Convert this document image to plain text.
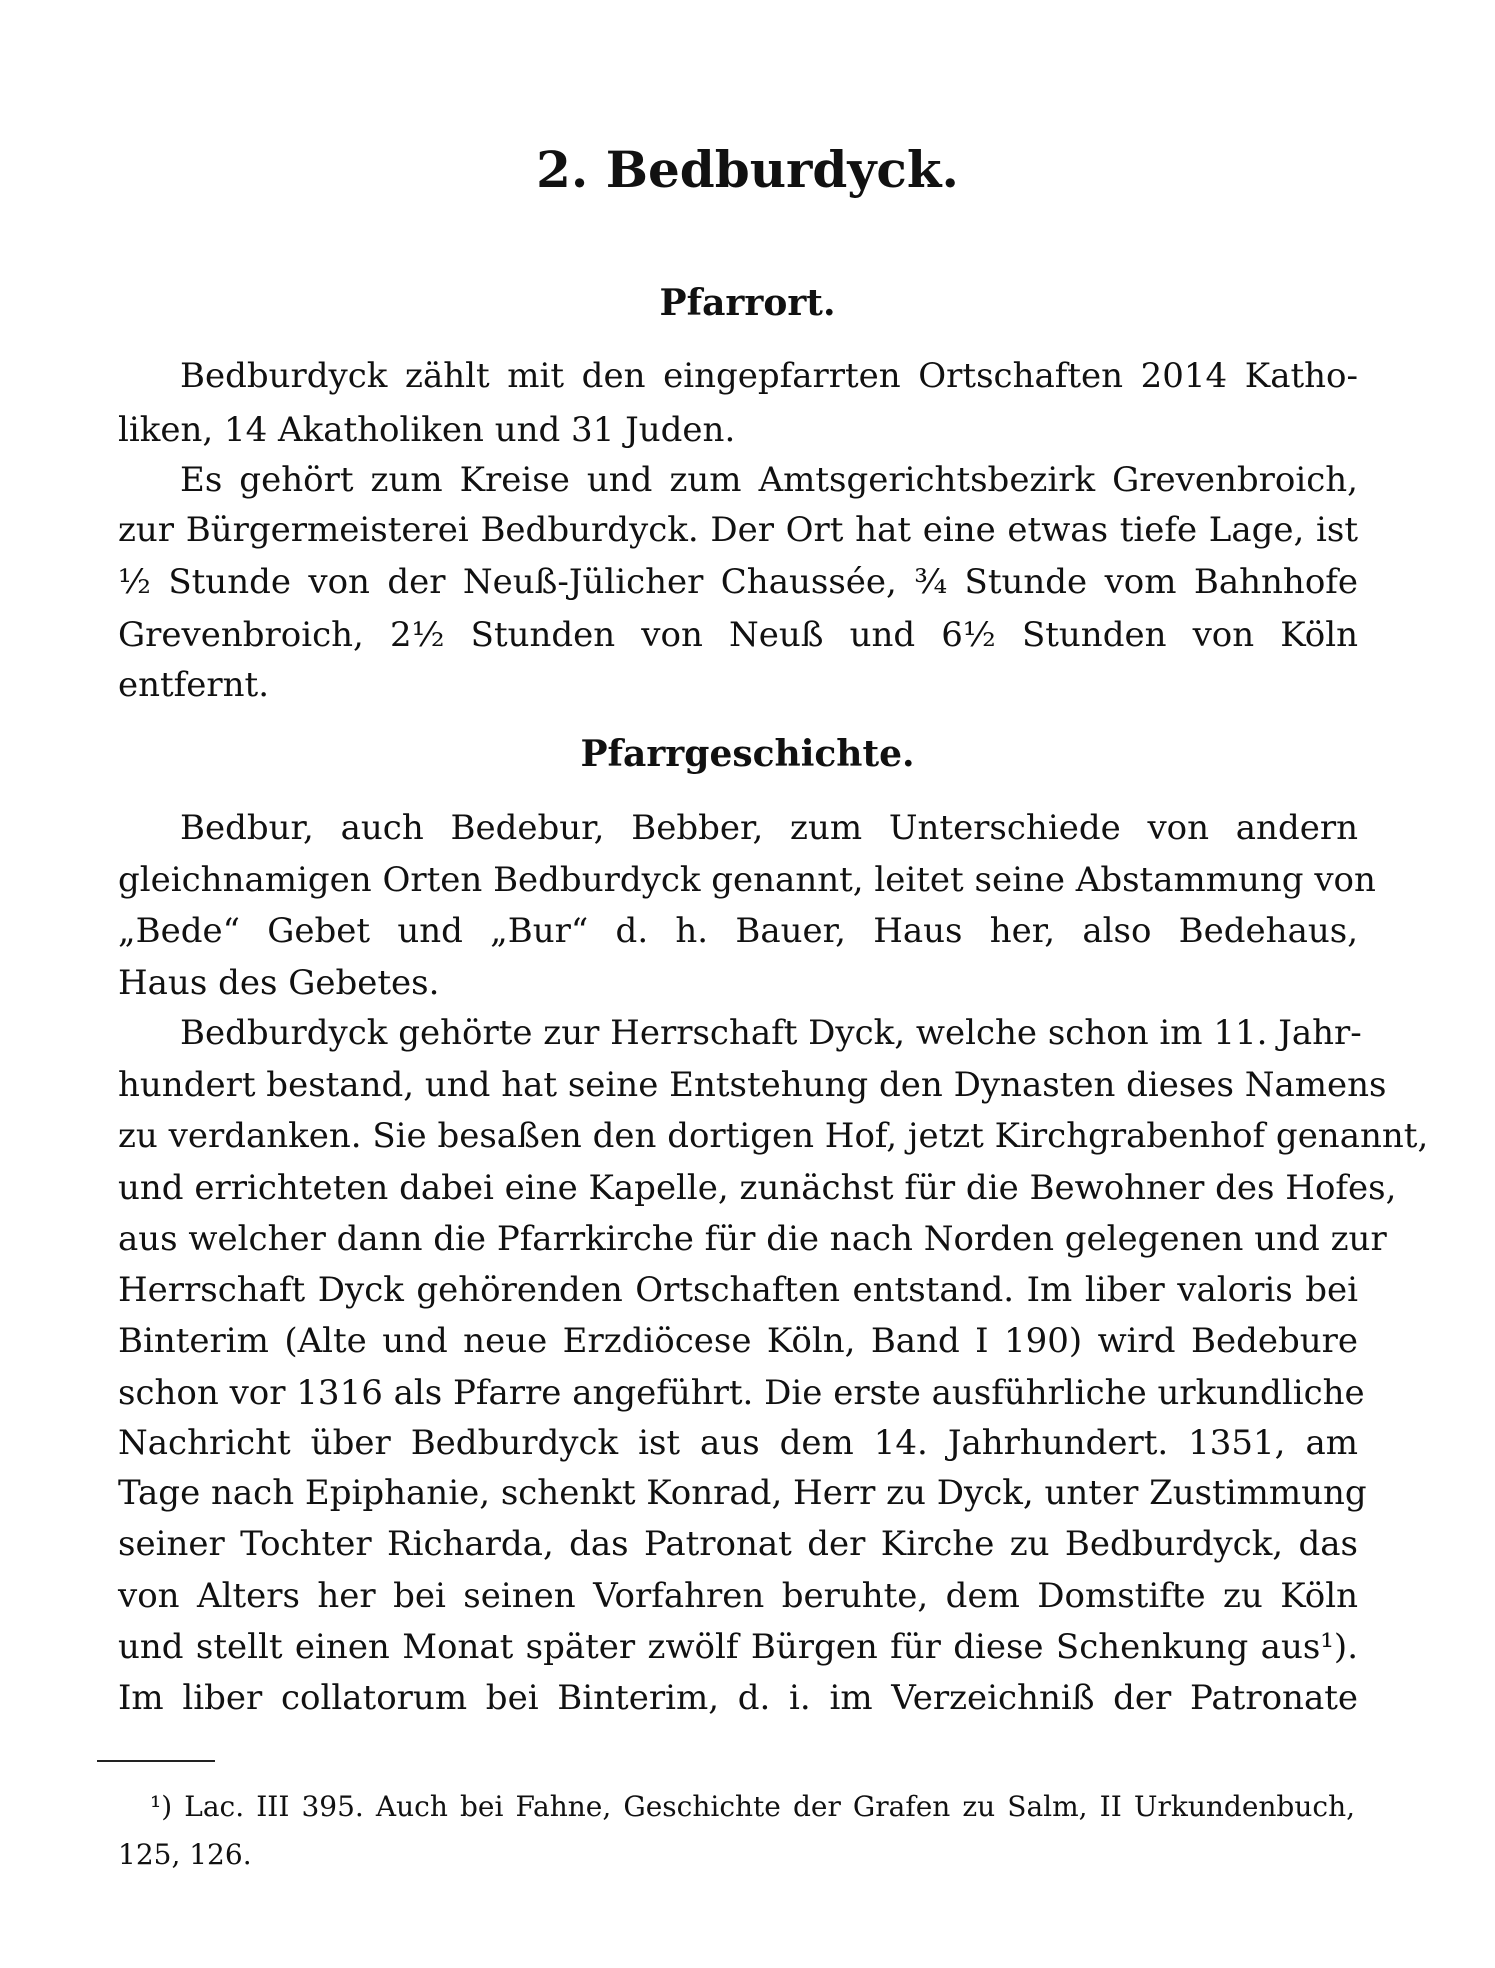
2. Bedburdyck.
Pfarrort.
Bedburdyck zählt mit den eingepfarrten Ortschaften 2014 Katho-
liken, 14 Akatholiken und 31 Juden.
Es gehört zum Kreise und zum Amtsgerichtsbezirk Grevenbroich,
zur Bürgermeisterei Bedburdyck. Der Ort hat eine etwas tiefe Lage, ist
½ Stunde von der Neuß-Jülicher Chaussée, ¾ Stunde vom Bahnhofe
Grevenbroich, 2½ Stunden von Neuß und 6½ Stunden von Köln
entfernt.
Pfarrgeschichte.
Bedbur, auch Bedebur, Bebber, zum Unterschiede von andern
gleichnamigen Orten Bedburdyck genannt, leitet seine Abstammung von
„Bede“ Gebet und „Bur“ d. h. Bauer, Haus her, also Bedehaus,
Haus des Gebetes.
Bedburdyck gehörte zur Herrschaft Dyck, welche schon im 11. Jahr-
hundert bestand, und hat seine Entstehung den Dynasten dieses Namens
zu verdanken. Sie besaßen den dortigen Hof, jetzt Kirchgrabenhof genannt,
und errichteten dabei eine Kapelle, zunächst für die Bewohner des Hofes,
aus welcher dann die Pfarrkirche für die nach Norden gelegenen und zur
Herrschaft Dyck gehörenden Ortschaften entstand. Im liber valoris bei
Binterim (Alte und neue Erzdiöcese Köln, Band I 190) wird Bedebure
schon vor 1316 als Pfarre angeführt. Die erste ausführliche urkundliche
Nachricht über Bedburdyck ist aus dem 14. Jahrhundert. 1351, am
Tage nach Epiphanie, schenkt Konrad, Herr zu Dyck, unter Zustimmung
seiner Tochter Richarda, das Patronat der Kirche zu Bedburdyck, das
von Alters her bei seinen Vorfahren beruhte, dem Domstifte zu Köln
und stellt einen Monat später zwölf Bürgen für diese Schenkung aus¹).
Im liber collatorum bei Binterim, d. i. im Verzeichniß der Patronate
¹) Lac. III 395. Auch bei Fahne, Geschichte der Grafen zu Salm, II Urkundenbuch,
125, 126.
